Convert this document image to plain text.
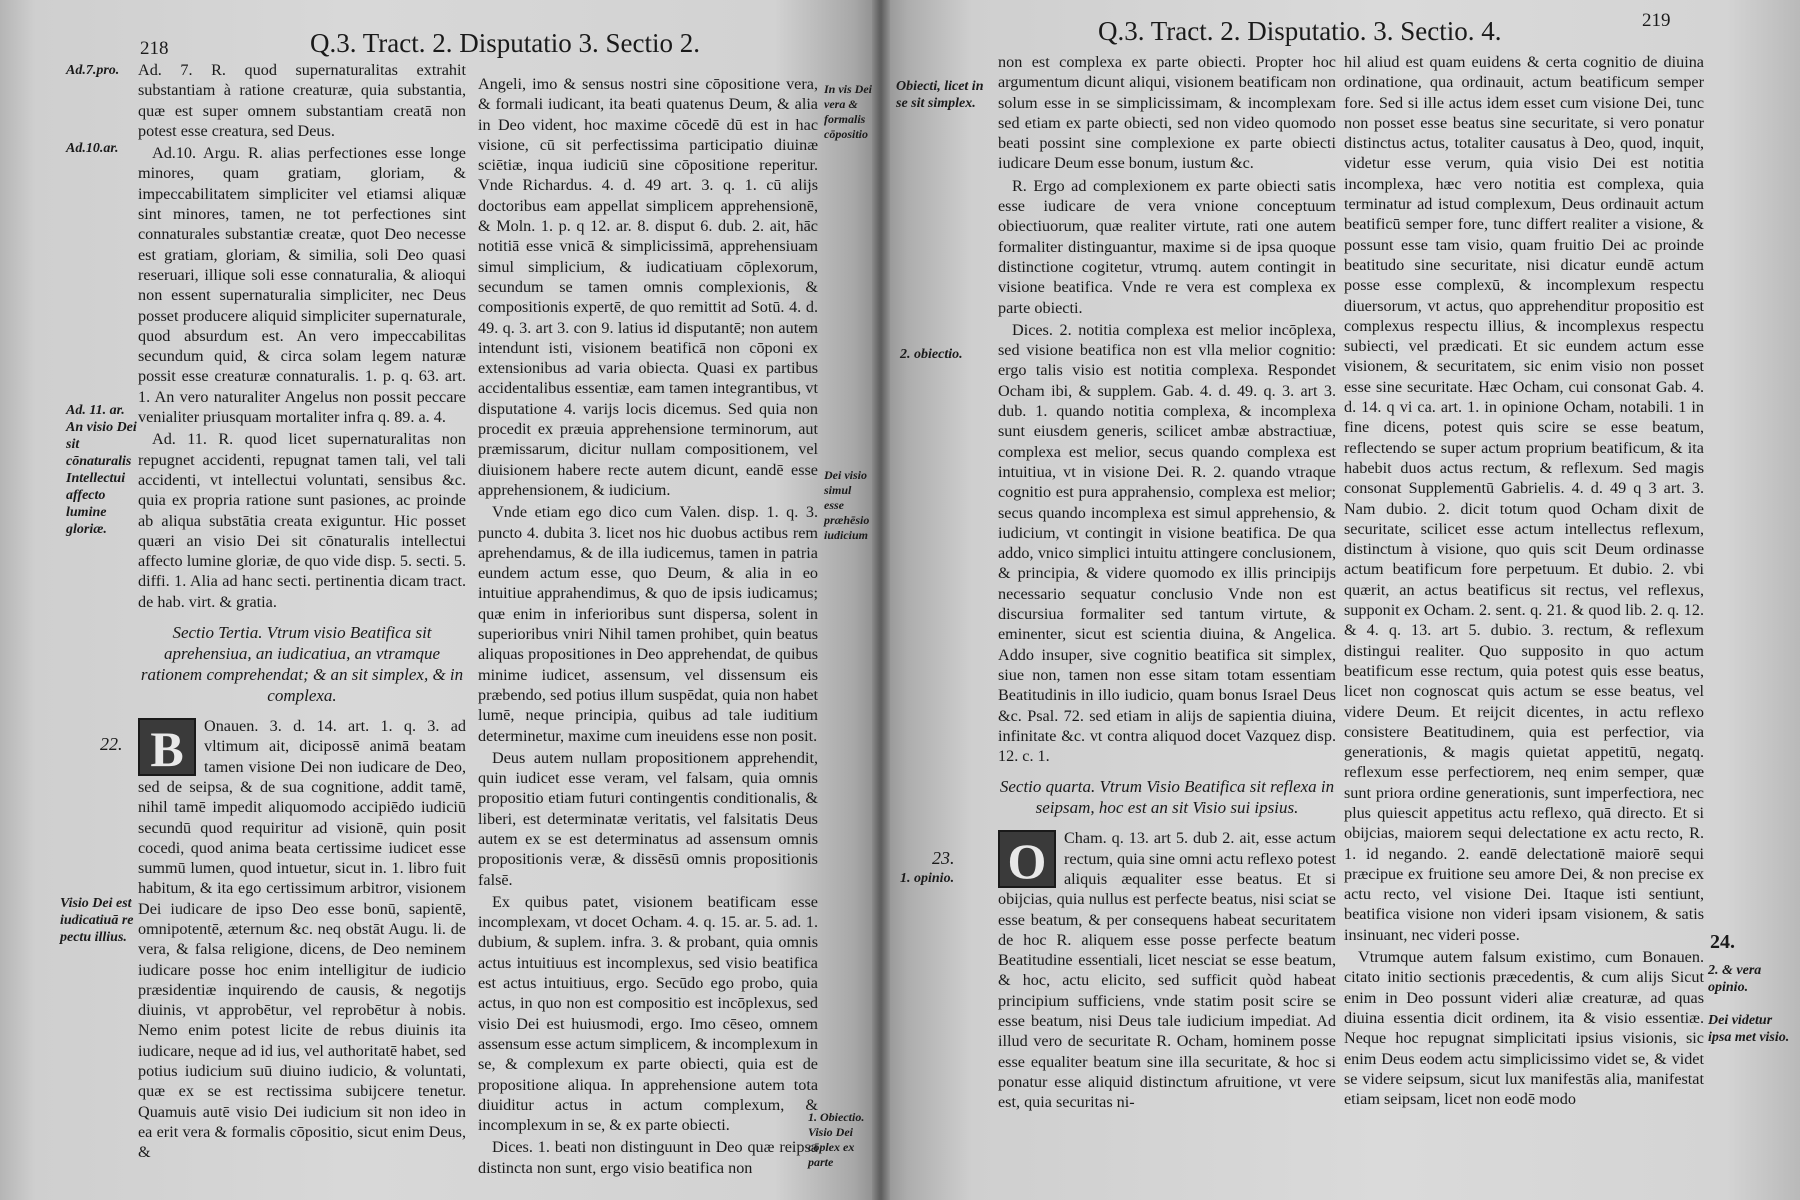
218	Q.3. Tract. 2. Disputatio 3. Sectio 2.
Ad.7.pro.
Ad.10.ar.
Ad. 11. ar. An visio Dei sit cōnaturalis Intellectui affecto lumine gloriæ.
Visio Dei est iudicatiuā re pectu illius.
In vis Dei vera & formalis cōpositio
Dei visio simul esse præhēsio iudicium
1. Obiectio. Visio Dei cōplex ex parte

Ad. 7. R. quod supernaturalitas extrahit substantiam à ratione creaturæ, quia substantia, quæ est super omnem substantiam creatā non potest esse creatura, sed Deus.

Ad.10. Argu. R. alias perfectiones esse longe minores, quam gratiam, gloriam, & impeccabilitatem simpliciter vel etiamsi aliquæ sint minores, tamen, ne tot perfectiones sint connaturales substantiæ creatæ, quot Deo necesse est gratiam, gloriam, & similia, soli Deo quasi reseruari, illique soli esse connaturalia, & alioqui non essent supernaturalia simpliciter, nec Deus posset producere aliquid simpliciter supernaturale, quod absurdum est. An vero impeccabilitas secundum quid, & circa solam legem naturæ possit esse creaturæ connaturalis. 1. p. q. 63. art. 1. An vero naturaliter Angelus non possit peccare venialiter priusquam mortaliter infra q. 89. a. 4.

Ad. 11. R. quod licet supernaturalitas non repugnet accidenti, repugnat tamen tali, vel tali accidenti, vt intellectui voluntati, sensibus &c. quia ex propria ratione sunt pasiones, ac proinde ab aliqua substātia creata exiguntur. Hic posset quæri an visio Dei sit cōnaturalis intellectui affecto lumine gloriæ, de quo vide disp. 5. secti. 5. diffi. 1. Alia ad hanc secti. pertinentia dicam tract. de hab. virt. & gratia.

Sectio Tertia. Vtrum visio Beatifica sit aprehensiua, an iudicatiua, an vtramque rationem comprehendat; & an sit simplex, & in complexa.

B	Onauen. 3. d. 14. art. 1. q. 3. ad vltimum ait, dicipossē animā beatam tamen visione Dei non iudicare de Deo, sed de seipsa, & de sua cognitione, addit tamē, nihil tamē impedit aliquomodo accipiēdo iudiciū secundū quod requiritur ad visionē, quin posit cocedi, quod anima beata certissime iudicet esse summū lumen, quod intuetur, sicut in. 1. libro fuit habitum, & ita ego certissimum arbitror, visionem Dei iudicare de ipso Deo esse bonū, sapientē, omnipotentē, æternum &c. neq obstāt Augu. li. de vera, & falsa religione, dicens, de Deo neminem iudicare posse hoc enim intelligitur de iudicio præsidentiæ inquirendo de causis, & negotijs diuinis, vt approbētur, vel reprobētur à nobis. Nemo enim potest licite de rebus diuinis ita iudicare, neque ad id ius, vel authoritatē habet, sed potius iudicium suū diuino iudicio, & voluntati, quæ ex se est rectissima subijcere tenetur. Quamuis autē visio Dei iudicium sit non ideo in ea erit vera & formalis cōpositio, sicut enim Deus, &

22.

Angeli, imo & sensus nostri sine cōpositione vera, & formali iudicant, ita beati quatenus Deum, & alia in Deo vident, hoc maxime cōcedē dū est in hac visione, cū sit perfectissima participatio diuinæ sciētiæ, inqua iudiciū sine cōpositione reperitur. Vnde Richardus. 4. d. 49 art. 3. q. 1. cū alijs doctoribus eam appellat simplicem apprehensionē, & Moln. 1. p. q 12. ar. 8. disput 6. dub. 2. ait, hāc notitiā esse vnicā & simplicissimā, apprehensiuam simul simplicium, & iudicatiuam cōplexorum, secundum se tamen omnis complexionis, & compositionis expertē, de quo remittit ad Sotū. 4. d. 49. q. 3. art 3. con 9. latius id disputantē; non autem intendunt isti, visionem beatificā non cōponi ex extensionibus ad varia obiecta. Quasi ex partibus accidentalibus essentiæ, eam tamen integrantibus, vt disputatione 4. varijs locis dicemus. Sed quia non procedit ex præuia apprehensione terminorum, aut præmissarum, dicitur nullam compositionem, vel diuisionem habere recte autem dicunt, eandē esse apprehensionem, & iudicium.

Vnde etiam ego dico cum Valen. disp. 1. q. 3. puncto 4. dubita 3. licet nos hic duobus actibus rem aprehendamus, & de illa iudicemus, tamen in patria eundem actum esse, quo Deum, & alia in eo intuitiue apprahendimus, & quo de ipsis iudicamus; quæ enim in inferioribus sunt dispersa, solent in superioribus vniri Nihil tamen prohibet, quin beatus aliquas propositiones in Deo apprehendat, de quibus minime iudicet, assensum, vel dissensum eis præbendo, sed potius illum suspēdat, quia non habet lumē, neque principia, quibus ad tale iuditium determinetur, maxime cum ineuidens esse non posit.

Deus autem nullam propositionem apprehendit, quin iudicet esse veram, vel falsam, quia omnis propositio etiam futuri contingentis conditionalis, & liberi, est determinatæ veritatis, vel falsitatis Deus autem ex se est determinatus ad assensum omnis propositionis veræ, & dissēsū omnis propositionis falsē.

Ex quibus patet, visionem beatificam esse incomplexam, vt docet Ocham. 4. q. 15. ar. 5. ad. 1. dubium, & suplem. infra. 3. & probant, quia omnis actus intuitiuus est incomplexus, sed visio beatifica est actus intuitiuus, ergo. Secūdo ego probo, quia actus, in quo non est compositio est incōplexus, sed visio Dei est huiusmodi, ergo. Imo cēseo, omnem assensum esse actum simplicem, & incomplexum in se, & complexum ex parte obiecti, quia est de propositione aliqua. In apprehensione autem tota diuiditur actus in actum complexum, & incomplexum in se, & ex parte obiecti.

Dices. 1. beati non distinguunt in Deo quæ reipsa distincta non sunt, ergo visio beatifica non

Q.3. Tract. 2. Disputatio. 3. Sectio. 4.	219
Obiecti, licet in se sit simplex.
2. obiectio.
1. opinio.
24.
2. & vera opinio.
Dei videtur ipsa met visio.

non est complexa ex parte obiecti. Propter hoc argumentum dicunt aliqui, visionem beatificam non solum esse in se simplicissimam, & incomplexam sed etiam ex parte obiecti, sed non video quomodo beati possint sine complexione ex parte obiecti iudicare Deum esse bonum, iustum &c.

R. Ergo ad complexionem ex parte obiecti satis esse iudicare de vera vnione conceptuum obiectiuorum, quæ realiter virtute, rati one autem formaliter distinguantur, maxime si de ipsa quoque distinctione cogitetur, vtrumq. autem contingit in visione beatifica. Vnde re vera est complexa ex parte obiecti.

Dices. 2. notitia complexa est melior incōplexa, sed visione beatifica non est vlla melior cognitio: ergo talis visio est notitia complexa. Respondet Ocham ibi, & supplem. Gab. 4. d. 49. q. 3. art 3. dub. 1. quando notitia complexa, & incomplexa sunt eiusdem generis, scilicet ambæ abstractiuæ, complexa est melior, secus quando complexa est intuitiua, vt in visione Dei. R. 2. quando vtraque cognitio est pura apprahensio, complexa est melior; secus quando incomplexa est simul apprehensio, & iudicium, vt contingit in visione beatifica. De qua addo, vnico simplici intuitu attingere conclusionem, & principia, & videre quomodo ex illis principijs necessario sequatur conclusio Vnde non est discursiua formaliter sed tantum virtute, & eminenter, sicut est scientia diuina, & Angelica. Addo insuper, sive cognitio beatifica sit simplex, siue non, tamen non esse sitam totam essentiam Beatitudinis in illo iudicio, quam bonus Israel Deus &c. Psal. 72. sed etiam in alijs de sapientia diuina, infinitate &c. vt contra aliquod docet Vazquez disp. 12. c. 1.

Sectio quarta. Vtrum Visio Beatifica sit reflexa in seipsam, hoc est an sit Visio sui ipsius.

O	Cham. q. 13. art 5. dub 2. ait, esse actum rectum, quia sine omni actu reflexo potest aliquis æqualiter esse beatus. Et si obijcias, quia nullus est perfecte beatus, nisi sciat se esse beatum, & per consequens habeat securitatem de hoc R. aliquem esse posse perfecte beatum Beatitudine essentiali, licet nesciat se esse beatum, & hoc, actu elicito, sed sufficit quòd habeat principium sufficiens, vnde statim posit scire se esse beatum, nisi Deus tale iudicium impediat. Ad illud vero de securitate R. Ocham, hominem posse esse equaliter beatum sine illa securitate, & hoc si ponatur esse aliquid distinctum afruitione, vt vere est, quia securitas ni-

23.

hil aliud est quam euidens & certa cognitio de diuina ordinatione, qua ordinauit, actum beatificum semper fore. Sed si ille actus idem esset cum visione Dei, tunc non posset esse beatus sine securitate, si vero ponatur distinctus actus, totaliter causatus à Deo, quod, inquit, videtur esse verum, quia visio Dei est notitia incomplexa, hæc vero notitia est complexa, quia terminatur ad istud complexum, Deus ordinauit actum beatificū semper fore, tunc differt realiter a visione, & possunt esse tam visio, quam fruitio Dei ac proinde beatitudo sine securitate, nisi dicatur eundē actum posse esse complexū, & incomplexum respectu diuersorum, vt actus, quo apprehenditur propositio est complexus respectu illius, & incomplexus respectu subiecti, vel prædicati. Et sic eundem actum esse visionem, & securitatem, sic enim visio non posset esse sine securitate. Hæc Ocham, cui consonat Gab. 4. d. 14. q vi ca. art. 1. in opinione Ocham, notabili. 1 in fine dicens, potest quis scire se esse beatum, reflectendo se super actum proprium beatificum, & ita habebit duos actus rectum, & reflexum. Sed magis consonat Supplementū Gabrielis. 4. d. 49 q 3 art. 3. Nam dubio. 2. dicit totum quod Ocham dixit de securitate, scilicet esse actum intellectus reflexum, distinctum à visione, quo quis scit Deum ordinasse actum beatificum fore perpetuum. Et dubio. 2. vbi quærit, an actus beatificus sit rectus, vel reflexus, supponit ex Ocham. 2. sent. q. 21. & quod lib. 2. q. 12. & 4. q. 13. art 5. dubio. 3. rectum, & reflexum distingui realiter. Quo supposito in quo actum beatificum esse rectum, quia potest quis esse beatus, licet non cognoscat quis actum se esse beatus, vel videre Deum. Et reijcit dicentes, in actu reflexo consistere Beatitudinem, quia est perfectior, via generationis, & magis quietat appetitū, negatq. reflexum esse perfectiorem, neq enim semper, quæ sunt priora ordine generationis, sunt imperfectiora, nec plus quiescit appetitus actu reflexo, quā directo. Et si obijcias, maiorem sequi delectatione ex actu recto, R. 1. id negando. 2. eandē delectationē maiorē sequi præcipue ex fruitione seu amore Dei, & non precise ex actu recto, vel visione Dei. Itaque isti sentiunt, beatifica visione non videri ipsam visionem, & satis insinuant, nec videri posse.

Vtrumque autem falsum existimo, cum Bonauen. citato initio sectionis præcedentis, & cum alijs Sicut enim in Deo possunt videri aliæ creaturæ, ad quas diuina essentia dicit ordinem, ita & visio essentiæ. Neque hoc repugnat simplicitati ipsius visionis, sic enim Deus eodem actu simplicissimo videt se, & videt se videre seipsum, sicut lux manifestās alia, manifestat etiam seipsam, licet non eodē modo
